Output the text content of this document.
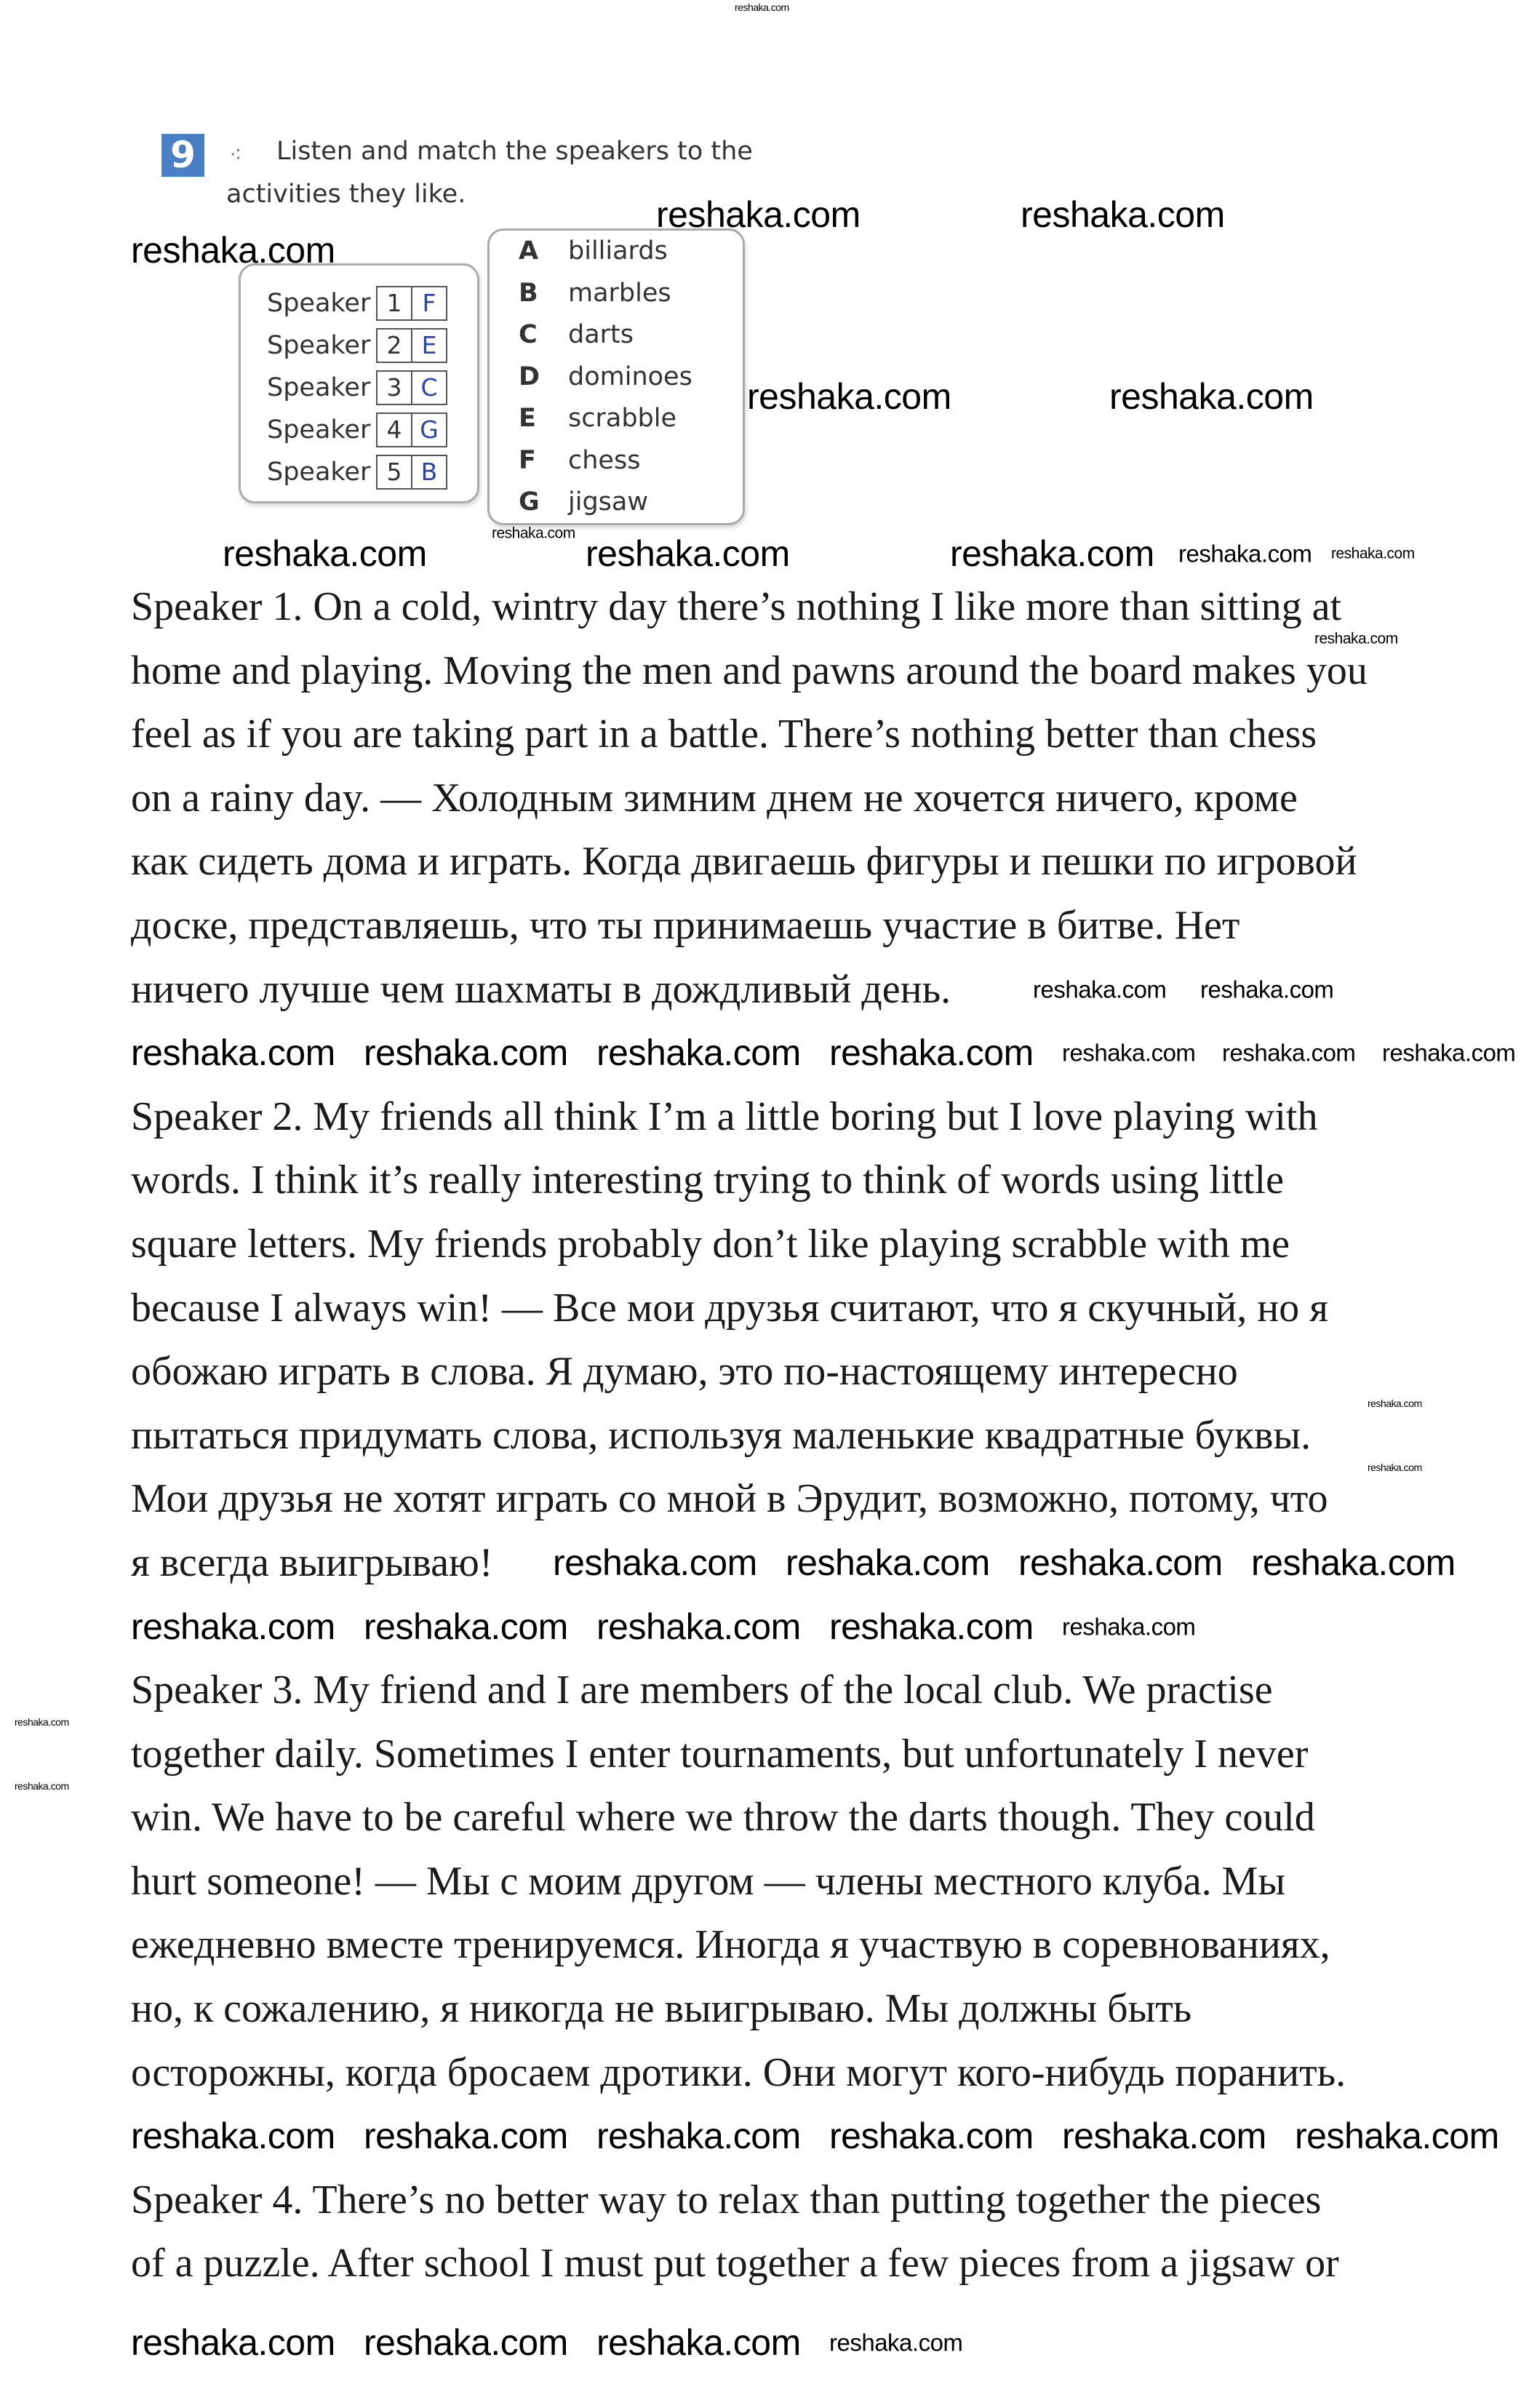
9	⁖ Listen and match the speakers to the
activities they like.
Speaker 1 F
Speaker 2 E
Speaker 3 C
Speaker 4 G
Speaker 5 B
A billiards
B marbles
C darts
D dominoes
E scrabble
F chess
G jigsaw
Speaker 1. On a cold, wintry day there’s nothing I like more than sitting at
home and playing. Moving the men and pawns around the board makes you
feel as if you are taking part in a battle. There’s nothing better than chess
on a rainy day. — Холодным зимним днем не хочется ничего, кроме
как сидеть дома и играть. Когда двигаешь фигуры и пешки по игровой
доске, представляешь, что ты принимаешь участие в битве. Нет
ничего лучше чем шахматы в дождливый день.
Speaker 2. My friends all think I’m a little boring but I love playing with
words. I think it’s really interesting trying to think of words using little
square letters. My friends probably don’t like playing scrabble with me
because I always win! — Все мои друзья считают, что я скучный, но я
обожаю играть в слова. Я думаю, это по-настоящему интересно
пытаться придумать слова, используя маленькие квадратные буквы.
Мои друзья не хотят играть со мной в Эрудит, возможно, потому, что
я всегда выигрываю!
Speaker 3. My friend and I are members of the local club. We practise
together daily. Sometimes I enter tournaments, but unfortunately I never
win. We have to be careful where we throw the darts though. They could
hurt someone! — Мы с моим другом — члены местного клуба. Мы
ежедневно вместе тренируемся. Иногда я участвую в соревнованиях,
но, к сожалению, я никогда не выигрываю. Мы должны быть
осторожны, когда бросаем дротики. Они могут кого-нибудь поранить.
Speaker 4. There’s no better way to relax than putting together the pieces
of a puzzle. After school I must put together a few pieces from a jigsaw or
reshaka.com
reshaka.com
reshaka.com	reshaka.com
reshaka.com	reshaka.com
reshaka.com
reshaka.com	reshaka.com	reshaka.com reshaka.com reshaka.com
reshaka.com
reshaka.com reshaka.com
reshaka.com reshaka.com reshaka.com reshaka.com reshaka.com reshaka.com reshaka.com
reshaka.com
reshaka.com
reshaka.com reshaka.com reshaka.com reshaka.com
reshaka.com reshaka.com reshaka.com reshaka.com reshaka.com
reshaka.com
reshaka.com
reshaka.com reshaka.com reshaka.com reshaka.com reshaka.com reshaka.com
reshaka.com reshaka.com reshaka.com reshaka.com
